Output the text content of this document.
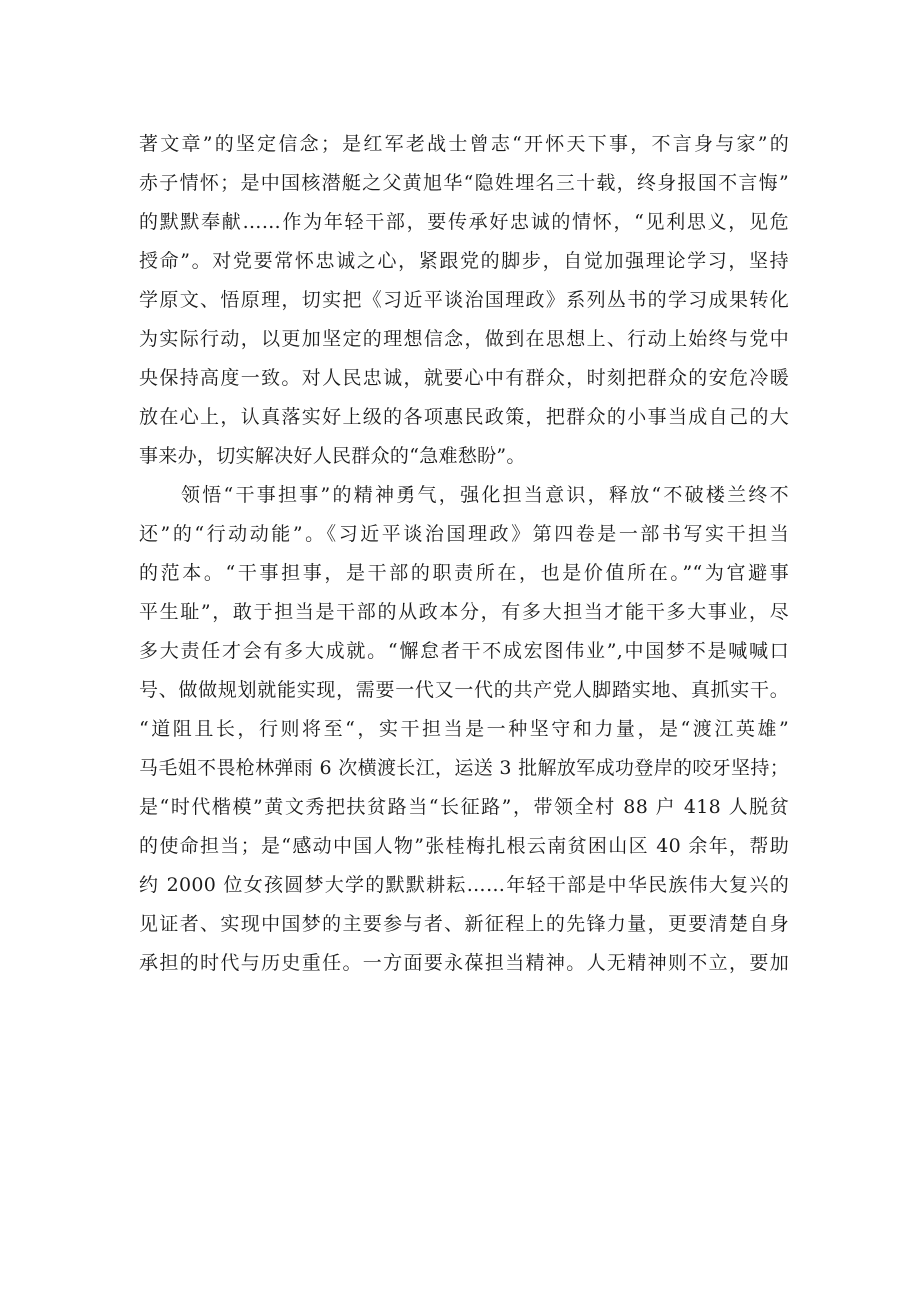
著文章”的坚定信念；是红军老战士曾志“开怀天下事，不言身与家”的
赤子情怀；是中国核潜艇之父黄旭华“隐姓埋名三十载，终身报国不言悔”
的默默奉献……作为年轻干部，要传承好忠诚的情怀，“见利思义，见危
授命”。对党要常怀忠诚之心，紧跟党的脚步，自觉加强理论学习，坚持
学原文、悟原理，切实把《习近平谈治国理政》系列丛书的学习成果转化
为实际行动，以更加坚定的理想信念，做到在思想上、行动上始终与党中
央保持高度一致。对人民忠诚，就要心中有群众，时刻把群众的安危冷暖
放在心上，认真落实好上级的各项惠民政策，把群众的小事当成自己的大
事来办，切实解决好人民群众的“急难愁盼”。
领悟“干事担事”的精神勇气，强化担当意识，释放“不破楼兰终不
还”的“行动动能”。《习近平谈治国理政》第四卷是一部书写实干担当
的范本。“干事担事，是干部的职责所在，也是价值所在。”“为官避事
平生耻”，敢于担当是干部的从政本分，有多大担当才能干多大事业，尽
多大责任才会有多大成就。“懈怠者干不成宏图伟业”,中国梦不是喊喊口
号、做做规划就能实现，需要一代又一代的共产党人脚踏实地、真抓实干。
“道阻且长，行则将至“，实干担当是一种坚守和力量，是“渡江英雄”
马毛姐不畏枪林弹雨 6 次横渡长江，运送 3 批解放军成功登岸的咬牙坚持；
是“时代楷模”黄文秀把扶贫路当“长征路”，带领全村 88 户 418 人脱贫
的使命担当；是“感动中国人物”张桂梅扎根云南贫困山区 40 余年，帮助
约 2000 位女孩圆梦大学的默默耕耘……年轻干部是中华民族伟大复兴的
见证者、实现中国梦的主要参与者、新征程上的先锋力量，更要清楚自身
承担的时代与历史重任。一方面要永葆担当精神。人无精神则不立，要加
